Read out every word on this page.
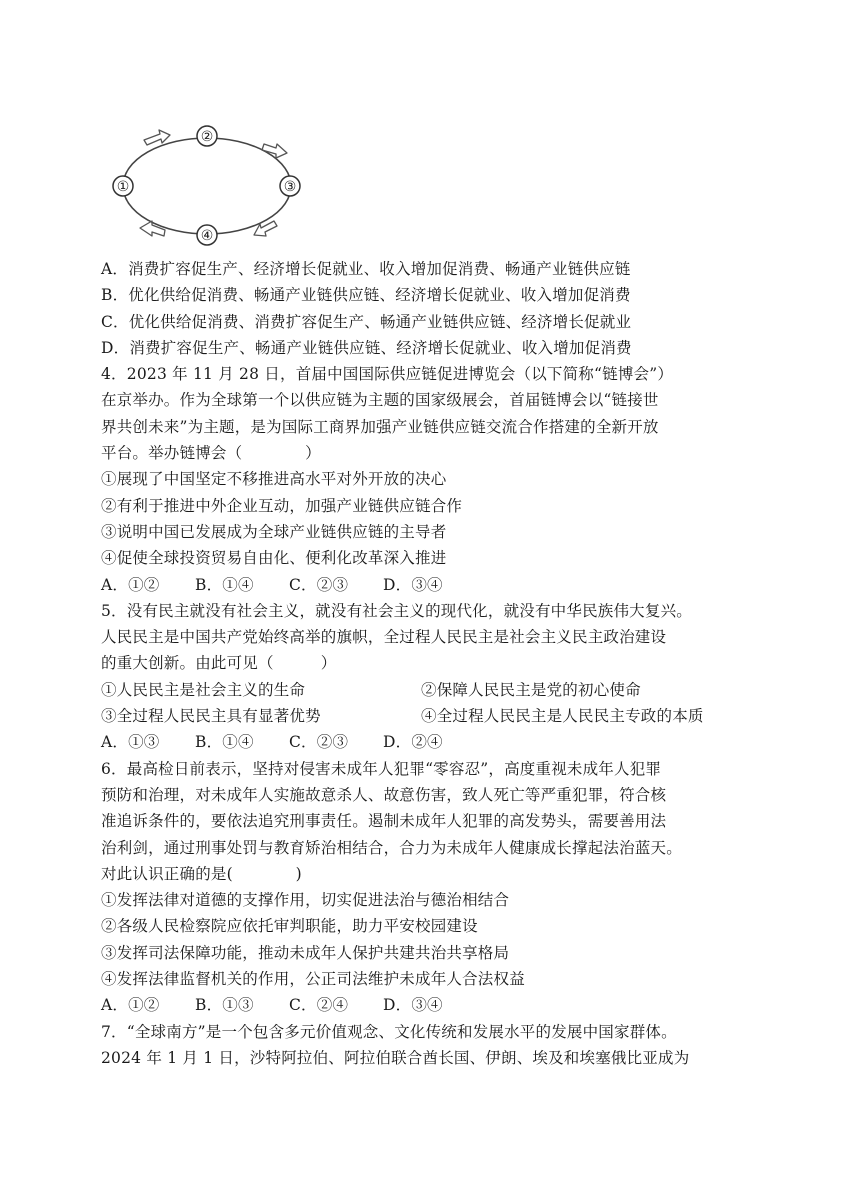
①
②
③
④
A．消费扩容促生产、经济增长促就业、收入增加促消费、畅通产业链供应链
B．优化供给促消费、畅通产业链供应链、经济增长促就业、收入增加促消费
C．优化供给促消费、消费扩容促生产、畅通产业链供应链、经济增长促就业
D．消费扩容促生产、畅通产业链供应链、经济增长促就业、收入增加促消费
4．2023 年 11 月 28 日，首届中国国际供应链促进博览会（以下简称“链博会”）
在京举办。作为全球第一个以供应链为主题的国家级展会，首届链博会以“链接世
界共创未来”为主题，是为国际工商界加强产业链供应链交流合作搭建的全新开放
平台。举办链博会（　　　　）
①展现了中国坚定不移推进高水平对外开放的决心
②有利于推进中外企业互动，加强产业链供应链合作
③说明中国已发展成为全球产业链供应链的主导者
④促使全球投资贸易自由化、便利化改革深入推进
A．①②	B．①④	C．②③	D．③④
5．没有民主就没有社会主义，就没有社会主义的现代化，就没有中华民族伟大复兴。
人民民主是中国共产党始终高举的旗帜，全过程人民民主是社会主义民主政治建设
的重大创新。由此可见（　　　）
①人民民主是社会主义的生命	②保障人民民主是党的初心使命
③全过程人民民主具有显著优势	④全过程人民民主是人民民主专政的本质
A．①③	B．①④	C．②③	D．②④
6．最高检日前表示，坚持对侵害未成年人犯罪“零容忍”，高度重视未成年人犯罪
预防和治理，对未成年人实施故意杀人、故意伤害，致人死亡等严重犯罪，符合核
准追诉条件的，要依法追究刑事责任。遏制未成年人犯罪的高发势头，需要善用法
治利剑，通过刑事处罚与教育矫治相结合，合力为未成年人健康成长撑起法治蓝天。
对此认识正确的是(　　　　)
①发挥法律对道德的支撑作用，切实促进法治与德治相结合
②各级人民检察院应依托审判职能，助力平安校园建设
③发挥司法保障功能，推动未成年人保护共建共治共享格局
④发挥法律监督机关的作用，公正司法维护未成年人合法权益
A．①②	B．①③	C．②④	D．③④
7．“全球南方”是一个包含多元价值观念、文化传统和发展水平的发展中国家群体。
2024 年 1 月 1 日，沙特阿拉伯、阿拉伯联合酋长国、伊朗、埃及和埃塞俄比亚成为
